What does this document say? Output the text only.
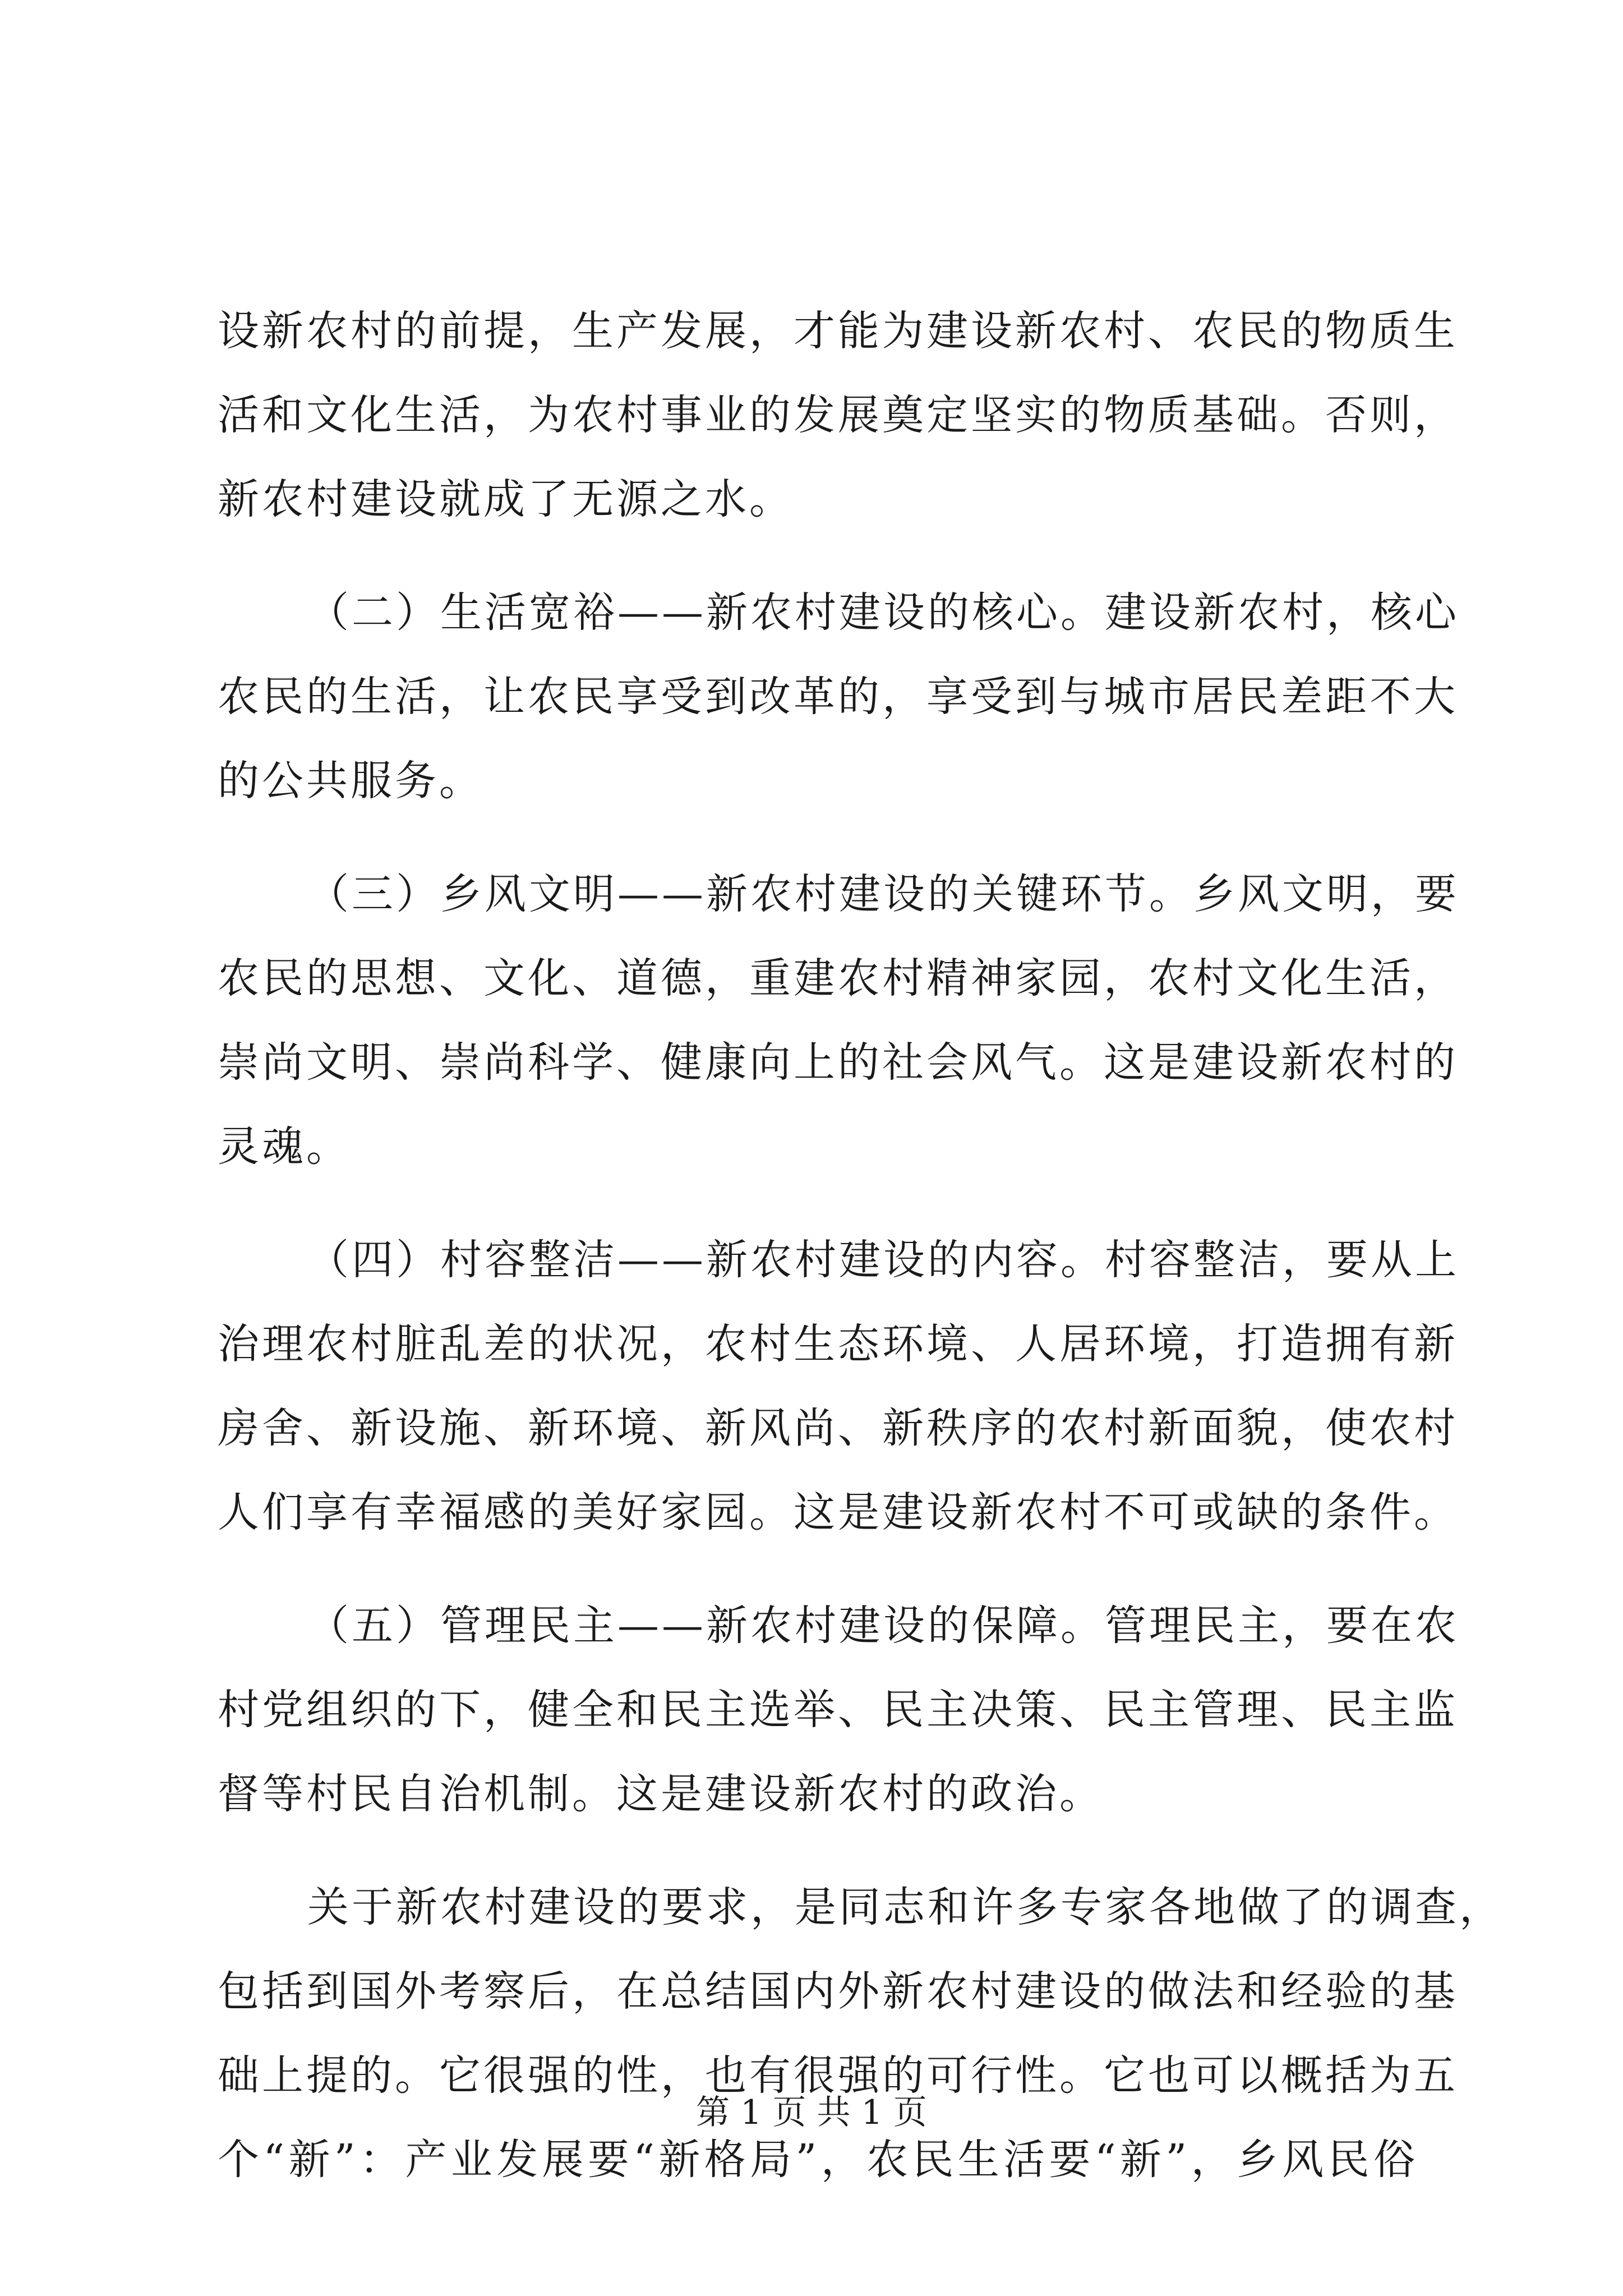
设新农村的前提，生产发展，才能为建设新农村、农民的物质生
活和文化生活，为农村事业的发展奠定坚实的物质基础。否则，
新农村建设就成了无源之水。
（二）生活宽裕——新农村建设的核心。建设新农村，核心
农民的生活，让农民享受到改革的，享受到与城市居民差距不大
的公共服务。
（三）乡风文明——新农村建设的关键环节。乡风文明，要
农民的思想、文化、道德，重建农村精神家园，农村文化生活，
崇尚文明、崇尚科学、健康向上的社会风气。这是建设新农村的
灵魂。
（四）村容整洁——新农村建设的内容。村容整洁，要从上
治理农村脏乱差的状况，农村生态环境、人居环境，打造拥有新
房舍、新设施、新环境、新风尚、新秩序的农村新面貌，使农村
人们享有幸福感的美好家园。这是建设新农村不可或缺的条件。
（五）管理民主——新农村建设的保障。管理民主，要在农
村党组织的下，健全和民主选举、民主决策、民主管理、民主监
督等村民自治机制。这是建设新农村的政治。
关于新农村建设的要求，是同志和许多专家各地做了的调查，
包括到国外考察后，在总结国内外新农村建设的做法和经验的基
础上提的。它很强的性，也有很强的可行性。它也可以概括为五
个“新”：产业发展要“新格局”，农民生活要“新”，乡风民俗
第 1 页 共 1 页
